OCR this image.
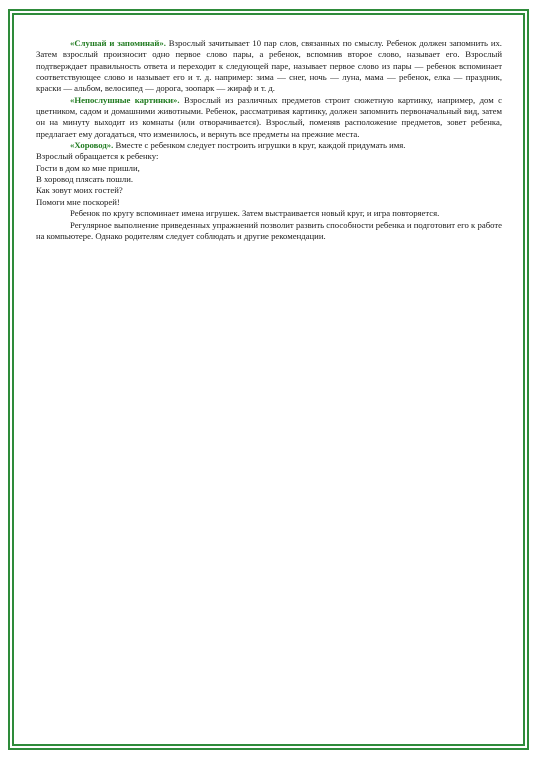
«Слушай и запоминай». Взрослый зачитывает 10 пар слов, связанных по смыслу. Ребенок должен запомнить их. Затем взрослый произносит одно первое слово пары, а ребенок, вспомнив второе слово, называет его. Взрослый подтверждает правильность ответа и переходит к следующей паре, называет первое слово из пары — ребенок вспоминает соответствующее слово и называет его и т. д. например: зима — снег, ночь — луна, мама — ребенок, елка — праздник, краски — альбом, велосипед — дорога, зоопарк — жираф и т. д.

«Непослушные картинки». Взрослый из различных предметов строит сюжетную картинку, например, дом с цветником, садом и домашними животными. Ребенок, рассматривая картинку, должен запомнить первоначальный вид, затем он на минуту выходит из комнаты (или отворачивается). Взрослый, поменяв расположение предметов, зовет ребенка, предлагает ему догадаться, что изменилось, и вернуть все предметы на прежние места.

«Хоровод». Вместе с ребенком следует построить игрушки в круг, каждой придумать имя.

Взрослый обращается к ребенку:

Гости в дом ко мне пришли,

В хоровод плясать пошли.

Как зовут моих гостей?

Помоги мне поскорей!

Ребенок по кругу вспоминает имена игрушек. Затем выстраивается новый круг, и игра повторяется.

Регулярное выполнение приведенных упражнений позволит развить способности ребенка и подготовит его к работе на компьютере. Однако родителям следует соблюдать и другие рекомендации.
